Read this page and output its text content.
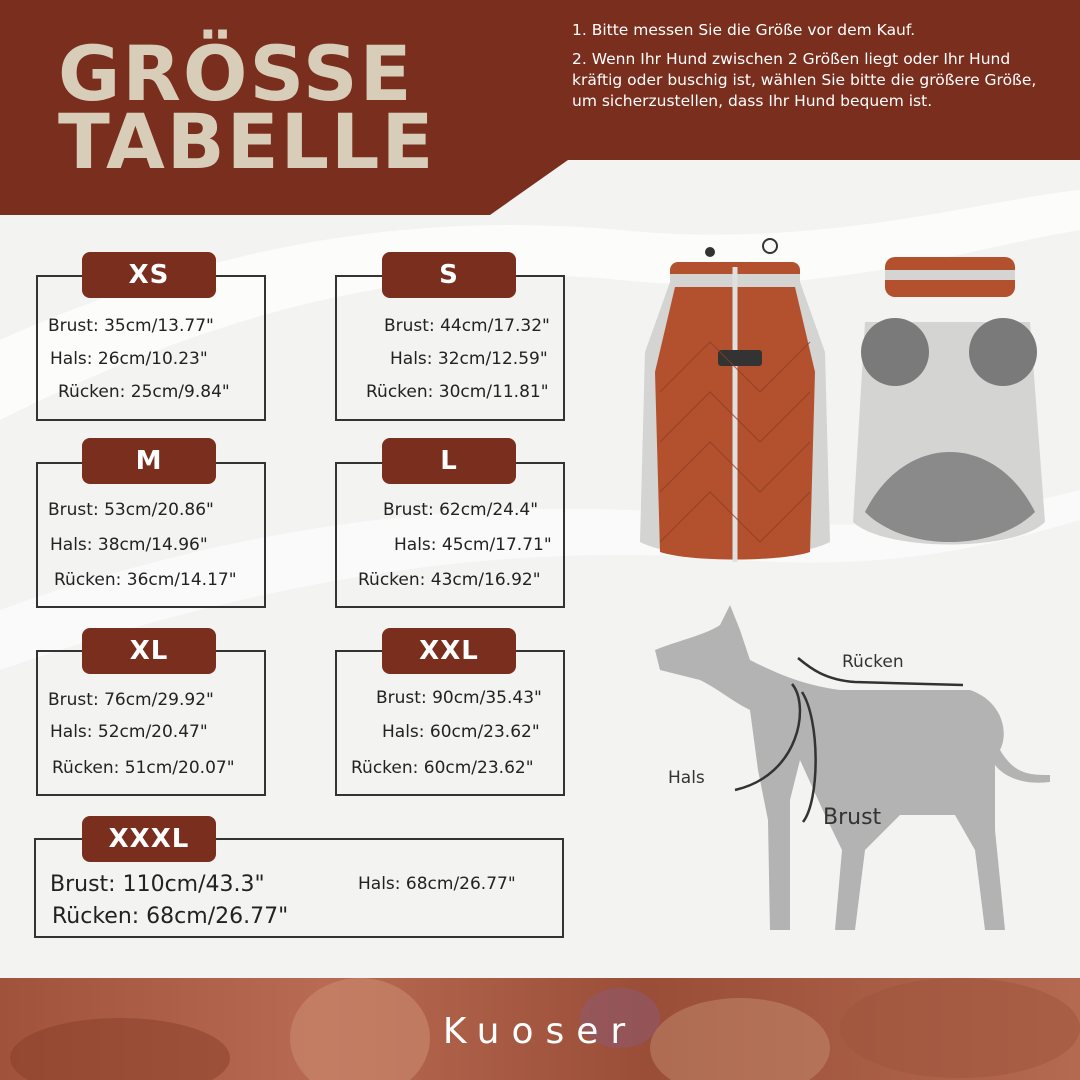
GRÖSSE
TABELLE

1. Bitte messen Sie die Größe vor dem Kauf.

2. Wenn Ihr Hund zwischen 2 Größen liegt oder Ihr Hund kräftig oder buschig ist, wählen Sie bitte die größere Größe, um sicherzustellen, dass Ihr Hund bequem ist.

XS
Brust: 35cm/13.77"
Hals: 26cm/10.23"
Rücken: 25cm/9.84"
S
Brust: 44cm/17.32"
Hals: 32cm/12.59"
Rücken: 30cm/11.81"
M
Brust: 53cm/20.86"
Hals: 38cm/14.96"
Rücken: 36cm/14.17"
L
Brust: 62cm/24.4"
Hals: 45cm/17.71"
Rücken: 43cm/16.92"
XL
Brust: 76cm/29.92"
Hals: 52cm/20.47"
Rücken: 51cm/20.07"
XXL
Brust: 90cm/35.43"
Hals: 60cm/23.62"
Rücken: 60cm/23.62"
XXXL
Brust: 110cm/43.3"	Hals: 68cm/26.77"
Rücken: 68cm/26.77"
Rücken
Hals
Brust
Kuoser
